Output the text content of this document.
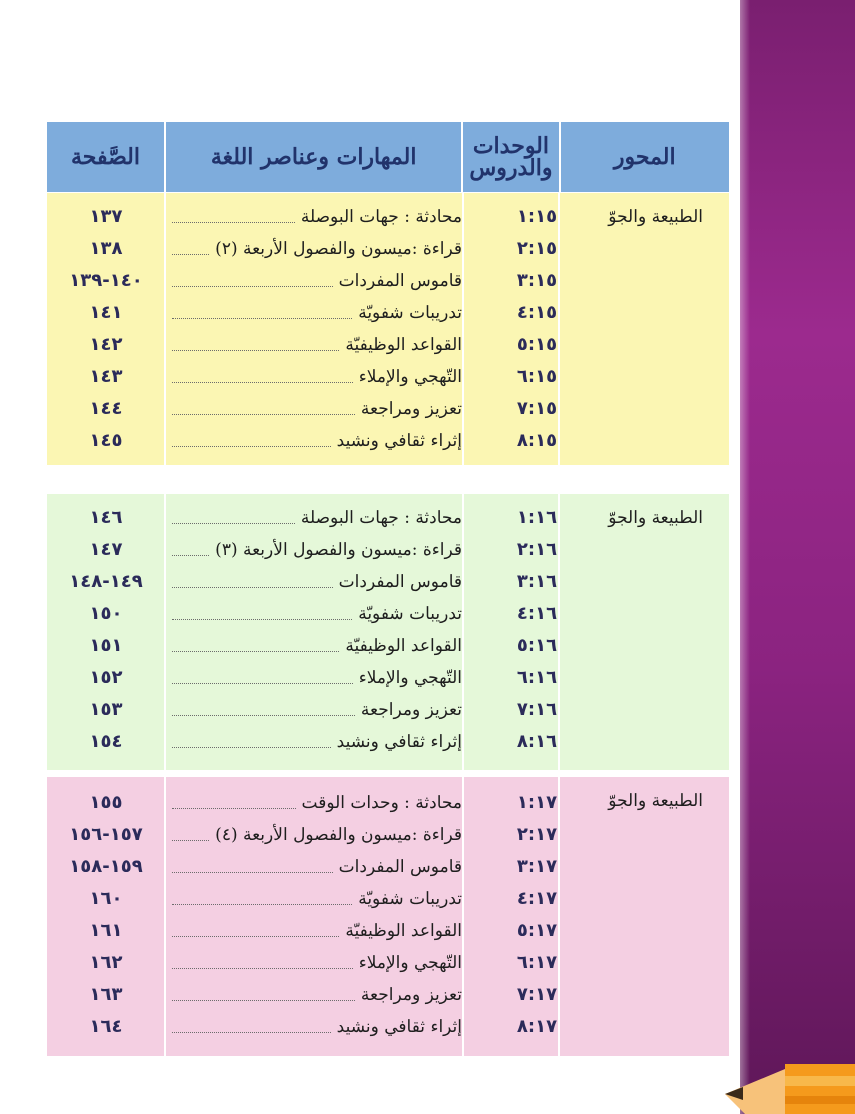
المحور
الوحدات والدروس
المهارات وعناصر اللغة
الصَّفحة
الطبيعة والجوّ
١:١٥
محادثة : جهات البوصلة
١٣٧
٢:١٥
قراءة :ميسون والفصول الأربعة (٢)
١٣٨
٣:١٥
قاموس المفردات
١٤٠-١٣٩
٤:١٥
تدريبات شفويّة
١٤١
٥:١٥
القواعد الوظيفيّة
١٤٢
٦:١٥
التّهجي والإملاء
١٤٣
٧:١٥
تعزيز ومراجعة
١٤٤
٨:١٥
إثراء ثقافي ونشيد
١٤٥
الطبيعة والجوّ
١:١٦
محادثة : جهات البوصلة
١٤٦
٢:١٦
قراءة :ميسون والفصول الأربعة (٣)
١٤٧
٣:١٦
قاموس المفردات
١٤٩-١٤٨
٤:١٦
تدريبات شفويّة
١٥٠
٥:١٦
القواعد الوظيفيّة
١٥١
٦:١٦
التّهجي والإملاء
١٥٢
٧:١٦
تعزيز ومراجعة
١٥٣
٨:١٦
إثراء ثقافي ونشيد
١٥٤
الطبيعة والجوّ
١:١٧
محادثة : وحدات الوقت
١٥٥
٢:١٧
قراءة :ميسون والفصول الأربعة (٤)
١٥٧-١٥٦
٣:١٧
قاموس المفردات
١٥٩-١٥٨
٤:١٧
تدريبات شفويّة
١٦٠
٥:١٧
القواعد الوظيفيّة
١٦١
٦:١٧
التّهجي والإملاء
١٦٢
٧:١٧
تعزيز ومراجعة
١٦٣
٨:١٧
إثراء ثقافي ونشيد
١٦٤
